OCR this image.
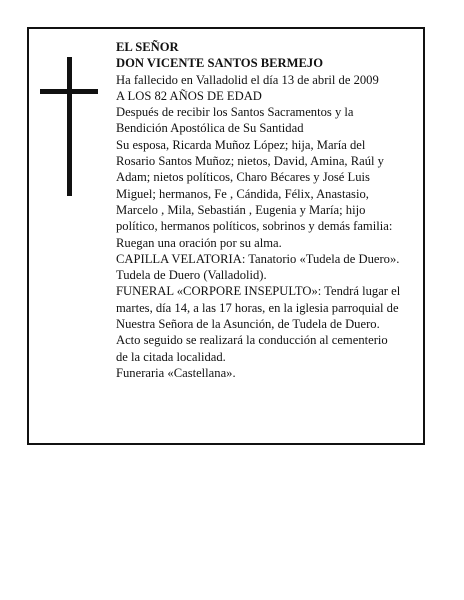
EL SEÑOR
DON VICENTE SANTOS BERMEJO
Ha fallecido en Valladolid el día 13 de abril de 2009
A LOS 82 AÑOS DE EDAD
Después de recibir los Santos Sacramentos y la
Bendición Apostólica de Su Santidad
Su esposa, Ricarda Muñoz López; hija, María del
Rosario Santos Muñoz; nietos, David, Amina, Raúl y
Adam; nietos políticos, Charo Bécares y José Luis
Miguel; hermanos, Fe , Cándida, Félix, Anastasio,
Marcelo , Mila, Sebastián , Eugenia y María; hijo
político, hermanos políticos, sobrinos y demás familia:
Ruegan una oración por su alma.
CAPILLA VELATORIA: Tanatorio «Tudela de Duero».
Tudela de Duero (Valladolid).
FUNERAL «CORPORE INSEPULTO»: Tendrá lugar el
martes, día 14, a las 17 horas, en la iglesia parroquial de
Nuestra Señora de la Asunción, de Tudela de Duero.
Acto seguido se realizará la conducción al cementerio
de la citada localidad.
Funeraria «Castellana».
